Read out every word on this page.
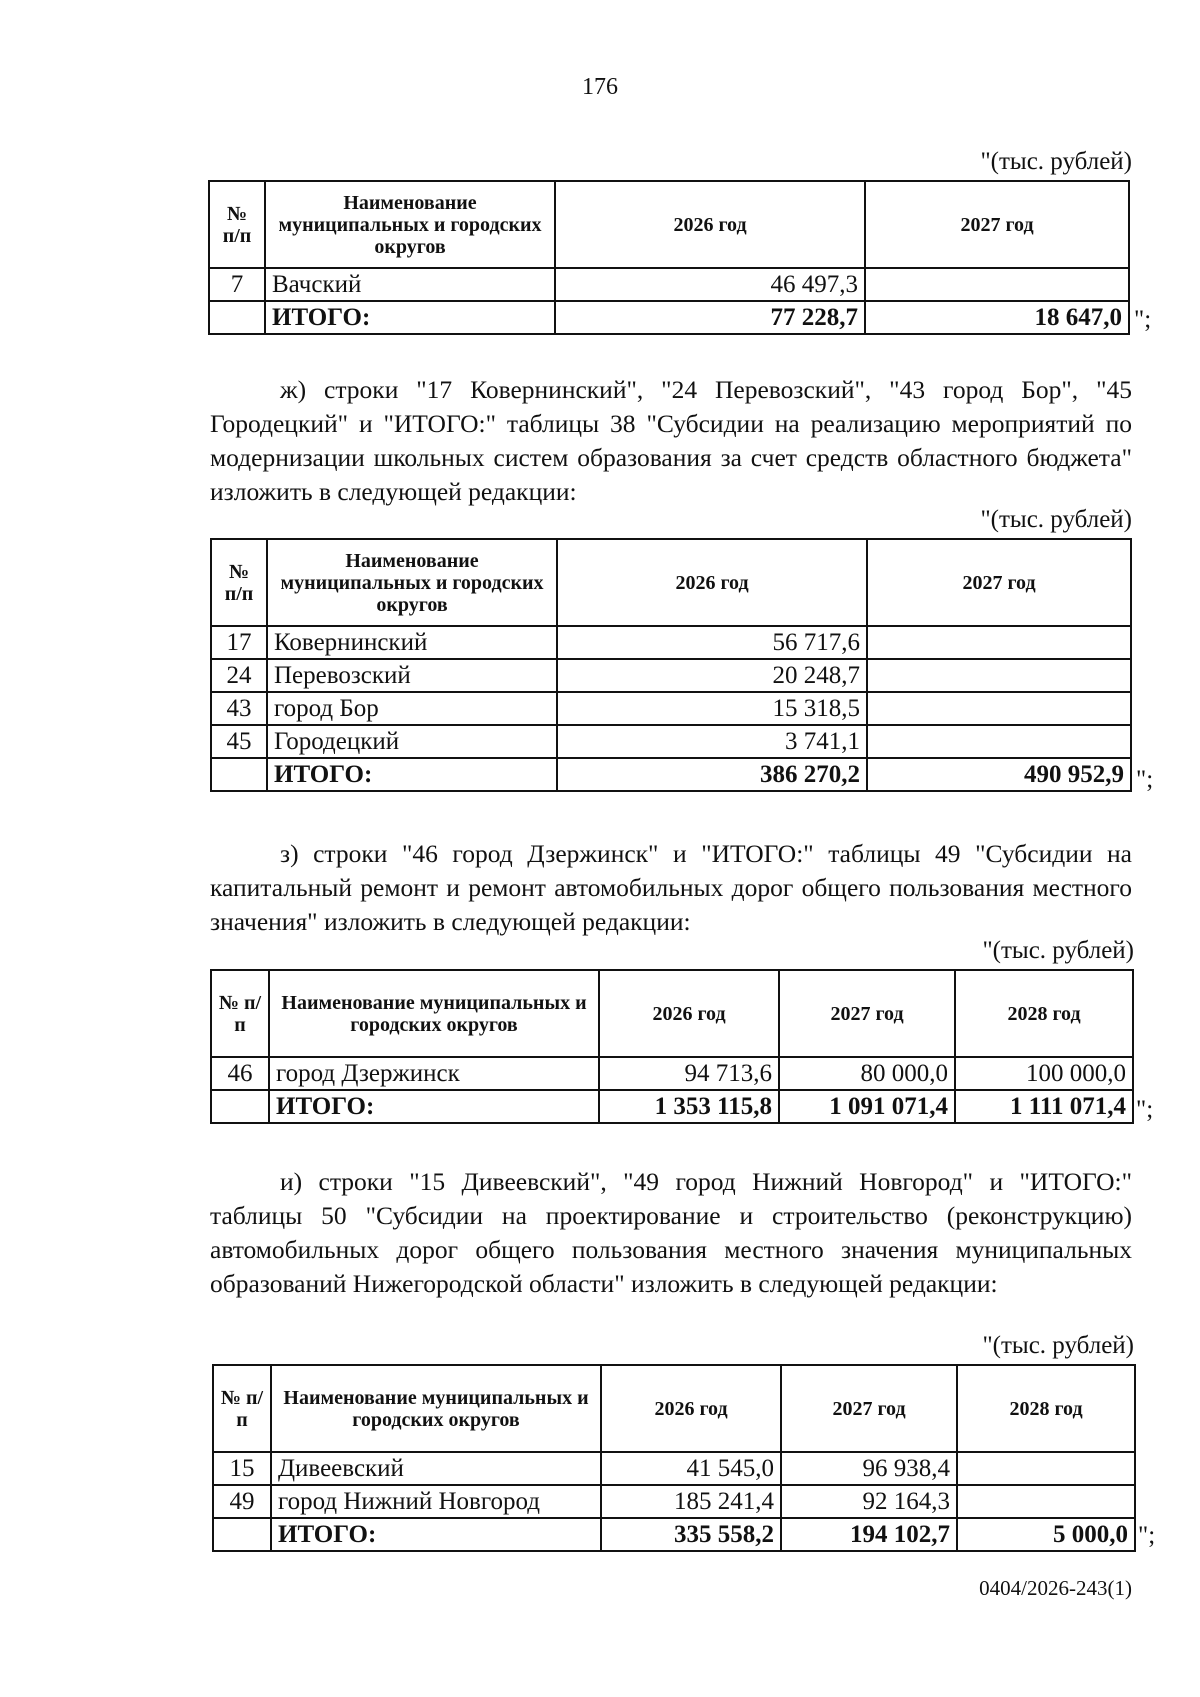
176
"(тыс. рублей)
№ п/п	Наименование муниципальных и городских округов	2026 год	2027 год
7	Вачский	46 497,3	
	ИТОГО:	77 228,7	18 647,0 ";
ж) строки "17 Ковернинский", "24 Перевозский", "43 город Бор", "45 Городецкий" и "ИТОГО:" таблицы 38 "Субсидии на реализацию мероприятий по модернизации школьных систем образования за счет средств областного бюджета" изложить в следующей редакции:
"(тыс. рублей)
№ п/п	Наименование муниципальных и городских округов	2026 год	2027 год
17	Ковернинский	56 717,6	
24	Перевозский	20 248,7	
43	город Бор	15 318,5	
45	Городецкий	3 741,1	
	ИТОГО:	386 270,2	490 952,9 ";
з) строки "46 город Дзержинск" и "ИТОГО:" таблицы 49 "Субсидии на капитальный ремонт и ремонт автомобильных дорог общего пользования местного значения" изложить в следующей редакции:
"(тыс. рублей)
№ п/п	Наименование муниципальных и городских округов	2026 год	2027 год	2028 год
46	город Дзержинск	94 713,6	80 000,0	100 000,0
	ИТОГО:	1 353 115,8	1 091 071,4	1 111 071,4 ";
и) строки "15 Дивеевский", "49 город Нижний Новгород" и "ИТОГО:" таблицы 50 "Субсидии на проектирование и строительство (реконструкцию) автомобильных дорог общего пользования местного значения муниципальных образований Нижегородской области" изложить в следующей редакции:
"(тыс. рублей)
№ п/п	Наименование муниципальных и городских округов	2026 год	2027 год	2028 год
15	Дивеевский	41 545,0	96 938,4	
49	город Нижний Новгород	185 241,4	92 164,3	
	ИТОГО:	335 558,2	194 102,7	5 000,0 ";
0404/2026-243(1)
